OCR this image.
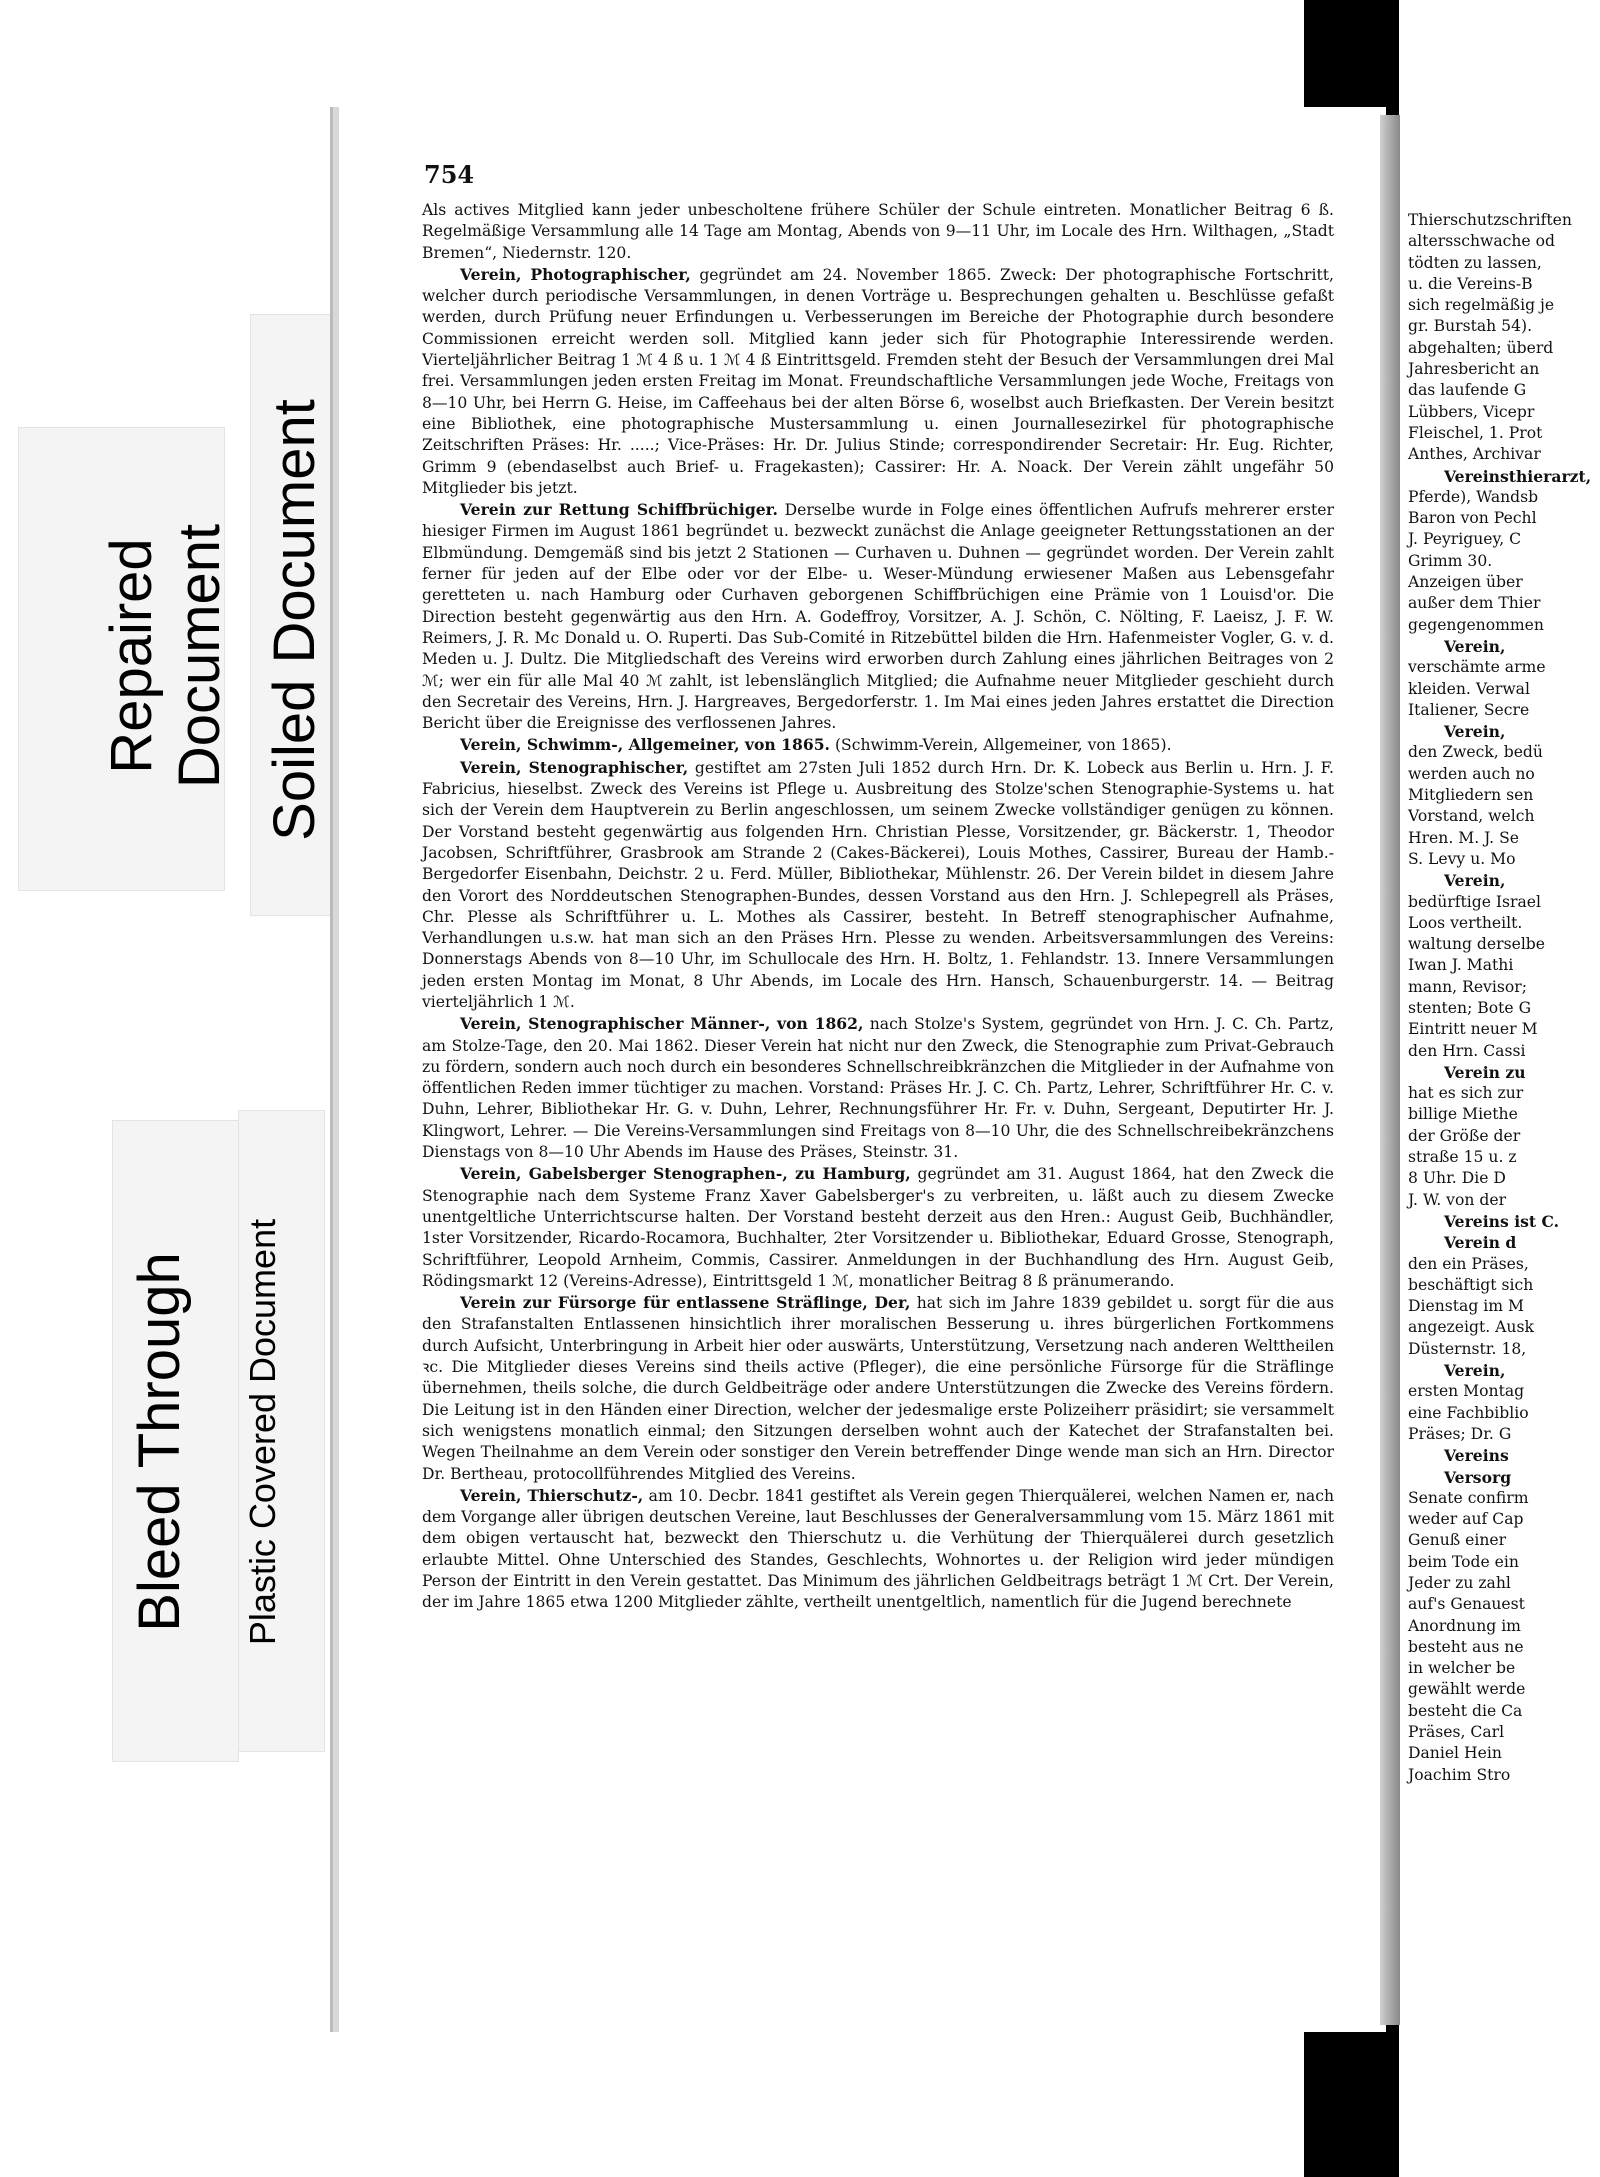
Repaired Document Soiled Document
Bleed Through Plastic Covered Document
754

Als actives Mitglied kann jeder unbescholtene frühere Schüler der Schule eintreten. Monatlicher Beitrag 6 ß. Regelmäßige Versammlung alle 14 Tage am Montag, Abends von 9—11 Uhr, im Locale des Hrn. Wilthagen, „Stadt Bremen“, Niedernstr. 120.

Verein, Photographischer, gegründet am 24. November 1865. Zweck: Der photographische Fortschritt, welcher durch periodische Versammlungen, in denen Vorträge u. Besprechungen gehalten u. Beschlüsse gefaßt werden, durch Prüfung neuer Erfindungen u. Verbesserungen im Bereiche der Photographie durch besondere Commissionen erreicht werden soll. Mitglied kann jeder sich für Photographie Interessirende werden. Vierteljährlicher Beitrag 1 ℳ 4 ß u. 1 ℳ 4 ß Eintrittsgeld. Fremden steht der Besuch der Versammlungen drei Mal frei. Versammlungen jeden ersten Freitag im Monat. Freundschaftliche Versammlungen jede Woche, Freitags von 8—10 Uhr, bei Herrn G. Heise, im Caffeehaus bei der alten Börse 6, woselbst auch Briefkasten. Der Verein besitzt eine Bibliothek, eine photographische Mustersammlung u. einen Journallesezirkel für photographische Zeitschriften Präses: Hr. .....; Vice-Präses: Hr. Dr. Julius Stinde; correspondirender Secretair: Hr. Eug. Richter, Grimm 9 (ebendaselbst auch Brief- u. Fragekasten); Cassirer: Hr. A. Noack. Der Verein zählt ungefähr 50 Mitglieder bis jetzt.

Verein zur Rettung Schiffbrüchiger. Derselbe wurde in Folge eines öffentlichen Aufrufs mehrerer erster hiesiger Firmen im August 1861 begründet u. bezweckt zunächst die Anlage geeigneter Rettungsstationen an der Elbmündung. Demgemäß sind bis jetzt 2 Stationen — Curhaven u. Duhnen — gegründet worden. Der Verein zahlt ferner für jeden auf der Elbe oder vor der Elbe- u. Weser-Mündung erwiesener Maßen aus Lebensgefahr geretteten u. nach Hamburg oder Curhaven geborgenen Schiffbrüchigen eine Prämie von 1 Louisd'or. Die Direction besteht gegenwärtig aus den Hrn. A. Godeffroy, Vorsitzer, A. J. Schön, C. Nölting, F. Laeisz, J. F. W. Reimers, J. R. Mc Donald u. O. Ruperti. Das Sub-Comité in Ritzebüttel bilden die Hrn. Hafenmeister Vogler, G. v. d. Meden u. J. Dultz. Die Mitgliedschaft des Vereins wird erworben durch Zahlung eines jährlichen Beitrages von 2 ℳ; wer ein für alle Mal 40 ℳ zahlt, ist lebenslänglich Mitglied; die Aufnahme neuer Mitglieder geschieht durch den Secretair des Vereins, Hrn. J. Hargreaves, Bergedorferstr. 1. Im Mai eines jeden Jahres erstattet die Direction Bericht über die Ereignisse des verflossenen Jahres.

Verein, Schwimm-, Allgemeiner, von 1865. (Schwimm-Verein, Allgemeiner, von 1865).

Verein, Stenographischer, gestiftet am 27sten Juli 1852 durch Hrn. Dr. K. Lobeck aus Berlin u. Hrn. J. F. Fabricius, hieselbst. Zweck des Vereins ist Pflege u. Ausbreitung des Stolze'schen Stenographie-Systems u. hat sich der Verein dem Hauptverein zu Berlin angeschlossen, um seinem Zwecke vollständiger genügen zu können. Der Vorstand besteht gegenwärtig aus folgenden Hrn. Christian Plesse, Vorsitzender, gr. Bäckerstr. 1, Theodor Jacobsen, Schriftführer, Grasbrook am Strande 2 (Cakes-Bäckerei), Louis Mothes, Cassirer, Bureau der Hamb.-Bergedorfer Eisenbahn, Deichstr. 2 u. Ferd. Müller, Bibliothekar, Mühlenstr. 26. Der Verein bildet in diesem Jahre den Vorort des Norddeutschen Stenographen-Bundes, dessen Vorstand aus den Hrn. J. Schlepegrell als Präses, Chr. Plesse als Schriftführer u. L. Mothes als Cassirer, besteht. In Betreff stenographischer Aufnahme, Verhandlungen u.s.w. hat man sich an den Präses Hrn. Plesse zu wenden. Arbeitsversammlungen des Vereins: Donnerstags Abends von 8—10 Uhr, im Schullocale des Hrn. H. Boltz, 1. Fehlandstr. 13. Innere Versammlungen jeden ersten Montag im Monat, 8 Uhr Abends, im Locale des Hrn. Hansch, Schauenburgerstr. 14. — Beitrag vierteljährlich 1 ℳ.

Verein, Stenographischer Männer-, von 1862, nach Stolze's System, gegründet von Hrn. J. C. Ch. Partz, am Stolze-Tage, den 20. Mai 1862. Dieser Verein hat nicht nur den Zweck, die Stenographie zum Privat-Gebrauch zu fördern, sondern auch noch durch ein besonderes Schnellschreibkränzchen die Mitglieder in der Aufnahme von öffentlichen Reden immer tüchtiger zu machen. Vorstand: Präses Hr. J. C. Ch. Partz, Lehrer, Schriftführer Hr. C. v. Duhn, Lehrer, Bibliothekar Hr. G. v. Duhn, Lehrer, Rechnungsführer Hr. Fr. v. Duhn, Sergeant, Deputirter Hr. J. Klingwort, Lehrer. — Die Vereins-Versammlungen sind Freitags von 8—10 Uhr, die des Schnellschreibekränzchens Dienstags von 8—10 Uhr Abends im Hause des Präses, Steinstr. 31.

Verein, Gabelsberger Stenographen-, zu Hamburg, gegründet am 31. August 1864, hat den Zweck die Stenographie nach dem Systeme Franz Xaver Gabelsberger's zu verbreiten, u. läßt auch zu diesem Zwecke unentgeltliche Unterrichtscurse halten. Der Vorstand besteht derzeit aus den Hren.: August Geib, Buchhändler, 1ster Vorsitzender, Ricardo-Rocamora, Buchhalter, 2ter Vorsitzender u. Bibliothekar, Eduard Grosse, Stenograph, Schriftführer, Leopold Arnheim, Commis, Cassirer. Anmeldungen in der Buchhandlung des Hrn. August Geib, Rödingsmarkt 12 (Vereins-Adresse), Eintrittsgeld 1 ℳ, monatlicher Beitrag 8 ß pränumerando.

Verein zur Fürsorge für entlassene Sträflinge, Der, hat sich im Jahre 1839 gebildet u. sorgt für die aus den Strafanstalten Entlassenen hinsichtlich ihrer moralischen Besserung u. ihres bürgerlichen Fortkommens durch Aufsicht, Unterbringung in Arbeit hier oder auswärts, Unterstützung, Versetzung nach anderen Welttheilen ꝛc. Die Mitglieder dieses Vereins sind theils active (Pfleger), die eine persönliche Fürsorge für die Sträflinge übernehmen, theils solche, die durch Geldbeiträge oder andere Unterstützungen die Zwecke des Vereins fördern. Die Leitung ist in den Händen einer Direction, welcher der jedesmalige erste Polizeiherr präsidirt; sie versammelt sich wenigstens monatlich einmal; den Sitzungen derselben wohnt auch der Katechet der Strafanstalten bei. Wegen Theilnahme an dem Verein oder sonstiger den Verein betreffender Dinge wende man sich an Hrn. Director Dr. Bertheau, protocollführendes Mitglied des Vereins.

Verein, Thierschutz-, am 10. Decbr. 1841 gestiftet als Verein gegen Thierquälerei, welchen Namen er, nach dem Vorgange aller übrigen deutschen Vereine, laut Beschlusses der Generalversammlung vom 15. März 1861 mit dem obigen vertauscht hat, bezweckt den Thierschutz u. die Verhütung der Thierquälerei durch gesetzlich erlaubte Mittel. Ohne Unterschied des Standes, Geschlechts, Wohnortes u. der Religion wird jeder mündigen Person der Eintritt in den Verein gestattet. Das Minimum des jährlichen Geldbeitrags beträgt 1 ℳ Crt. Der Verein, der im Jahre 1865 etwa 1200 Mitglieder zählte, vertheilt unentgeltlich, namentlich für die Jugend berechnete

Thierschutzschriften
altersschwache od
tödten zu lassen,
u. die Vereins-B
sich regelmäßig je
gr. Burstah 54).
abgehalten; überd
Jahresbericht an
das laufende G
Lübbers, Vicepr
Fleischel, 1. Prot
Anthes, Archivar
Vereinsthierarzt,
Pferde), Wandsb
Baron von Pechl
J. Peyriguey, C
Grimm 30.
Anzeigen über
außer dem Thier
gegengenommen
Verein,
verschämte arme
kleiden. Verwal
Italiener, Secre
Verein,
den Zweck, bedü
werden auch no
Mitgliedern sen
Vorstand, welch
Hren. M. J. Se
S. Levy u. Mo
Verein,
bedürftige Israel
Loos vertheilt.
waltung derselbe
Iwan J. Mathi
mann, Revisor;
stenten; Bote G
Eintritt neuer M
den Hrn. Cassi
Verein zu
hat es sich zur
billige Miethe
der Größe der
straße 15 u. z
8 Uhr. Die D
J. W. von der
Vereins ist C.
Verein d
den ein Präses,
beschäftigt sich
Dienstag im M
angezeigt. Ausk
Düsternstr. 18,
Verein,
ersten Montag
eine Fachbiblio
Präses; Dr. G
Vereins
Versorg
Senate confirm
weder auf Cap
Genuß einer
beim Tode ein
Jeder zu zahl
auf's Genauest
Anordnung im
besteht aus ne
in welcher be
gewählt werde
besteht die Ca
Präses, Carl
Daniel Hein
Joachim Stro
